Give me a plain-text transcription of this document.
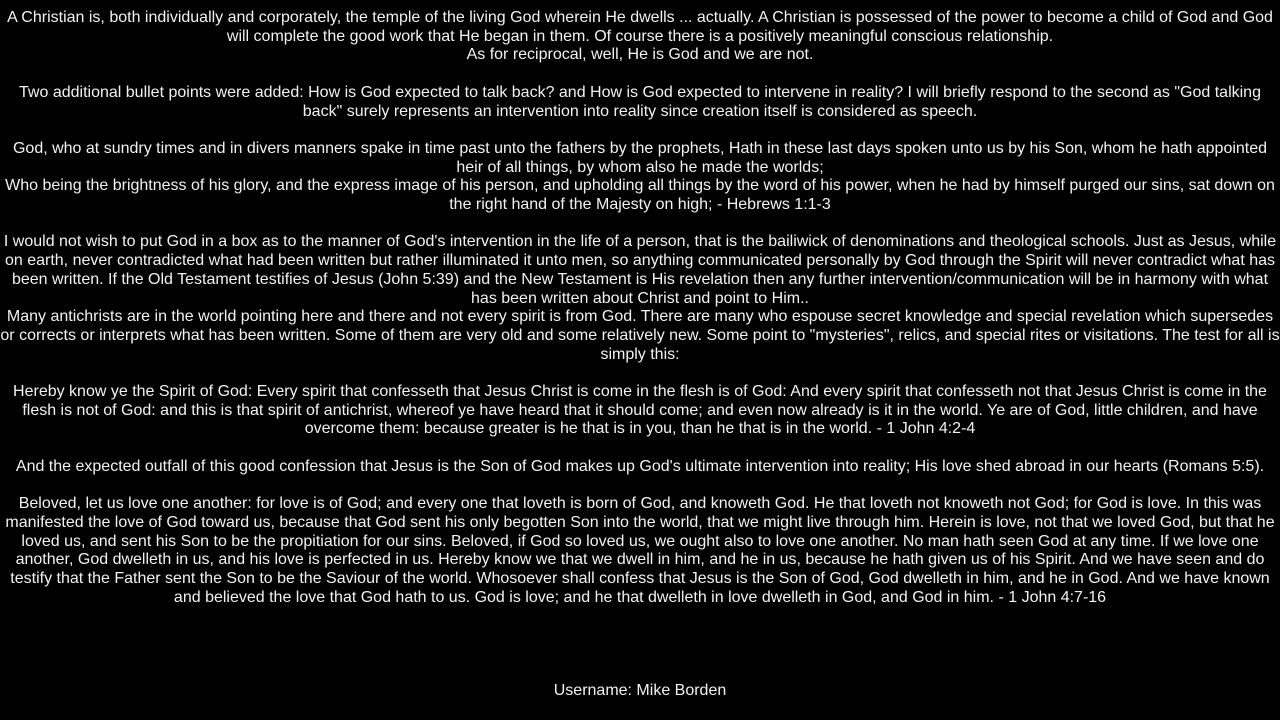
A Christian is, both individually and corporately, the temple of the living God wherein He dwells ... actually. A Christian is possessed of the power to become a child of God and God will complete the good work that He began in them. Of course there is a positively meaningful conscious relationship.
As for reciprocal, well, He is God and we are not.

Two additional bullet points were added: How is God expected to talk back? and How is God expected to intervene in reality? I will briefly respond to the second as "God talking back" surely represents an intervention into reality since creation itself is considered as speech.

God, who at sundry times and in divers manners spake in time past unto the fathers by the prophets, Hath in these last days spoken unto us by his Son, whom he hath appointed heir of all things, by whom also he made the worlds;
Who being the brightness of his glory, and the express image of his person, and upholding all things by the word of his power, when he had by himself purged our sins, sat down on the right hand of the Majesty on high; - Hebrews 1:1-3

I would not wish to put God in a box as to the manner of God's intervention in the life of a person, that is the bailiwick of denominations and theological schools. Just as Jesus, while on earth, never contradicted what had been written but rather illuminated it unto men, so anything communicated personally by God through the Spirit will never contradict what has been written. If the Old Testament testifies of Jesus (John 5:39) and the New Testament is His revelation then any further intervention/communication will be in harmony with what has been written about Christ and point to Him..
Many antichrists are in the world pointing here and there and not every spirit is from God. There are many who espouse secret knowledge and special revelation which supersedes or corrects or interprets what has been written. Some of them are very old and some relatively new. Some point to "mysteries", relics, and special rites or visitations. The test for all is simply this:

Hereby know ye the Spirit of God: Every spirit that confesseth that Jesus Christ is come in the flesh is of God: And every spirit that confesseth not that Jesus Christ is come in the flesh is not of God: and this is that spirit of antichrist, whereof ye have heard that it should come; and even now already is it in the world. Ye are of God, little children, and have overcome them: because greater is he that is in you, than he that is in the world. - 1 John 4:2-4

And the expected outfall of this good confession that Jesus is the Son of God makes up God's ultimate intervention into reality; His love shed abroad in our hearts (Romans 5:5).

Beloved, let us love one another: for love is of God; and every one that loveth is born of God, and knoweth God. He that loveth not knoweth not God; for God is love. In this was manifested the love of God toward us, because that God sent his only begotten Son into the world, that we might live through him. Herein is love, not that we loved God, but that he loved us, and sent his Son to be the propitiation for our sins. Beloved, if God so loved us, we ought also to love one another. No man hath seen God at any time. If we love one another, God dwelleth in us, and his love is perfected in us. Hereby know we that we dwell in him, and he in us, because he hath given us of his Spirit. And we have seen and do testify that the Father sent the Son to be the Saviour of the world. Whosoever shall confess that Jesus is the Son of God, God dwelleth in him, and he in God. And we have known and believed the love that God hath to us. God is love; and he that dwelleth in love dwelleth in God, and God in him. - 1 John 4:7-16

Username: Mike Borden
